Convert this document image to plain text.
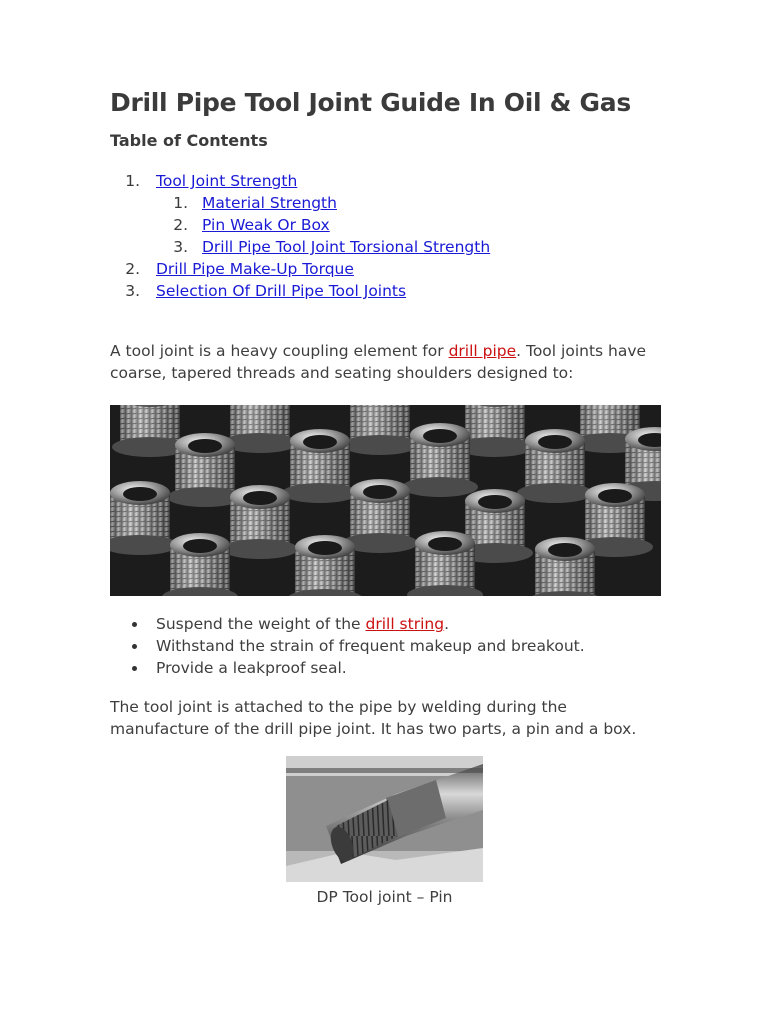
Drill Pipe Tool Joint Guide In Oil & Gas
Table of Contents
1. Tool Joint Strength
1. Material Strength
2. Pin Weak Or Box
3. Drill Pipe Tool Joint Torsional Strength
2. Drill Pipe Make-Up Torque
3. Selection Of Drill Pipe Tool Joints

A tool joint is a heavy coupling element for drill pipe. Tool joints have coarse, tapered threads and seating shoulders designed to:

Suspend the weight of the drill string.
Withstand the strain of frequent makeup and breakout.
Provide a leakproof seal.

The tool joint is attached to the pipe by welding during the manufacture of the drill pipe joint. It has two parts, a pin and a box.

DP Tool joint – Pin
